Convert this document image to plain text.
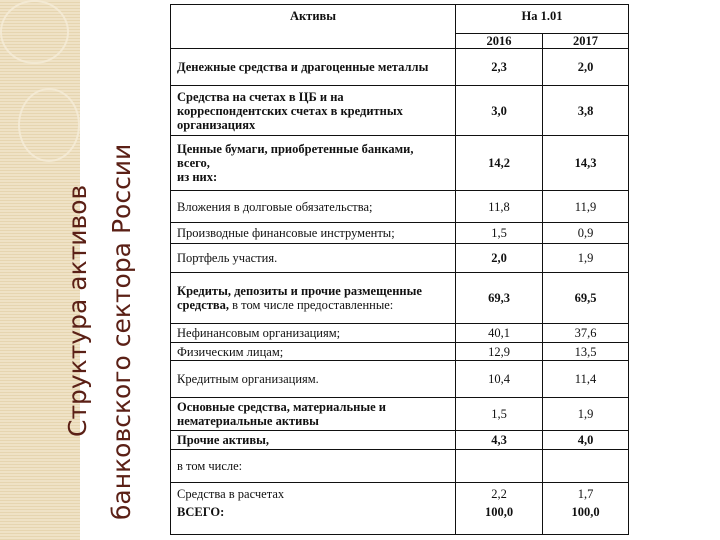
Структура активов банковского сектора России
Активы	На 1.01	
	2016	2017
Денежные средства и драгоценные металлы	2,3	2,0
Средства на счетах в ЦБ и на корреспондентских счетах в кредитных организациях	3,0	3,8
Ценные бумаги, приобретенные банками, всего,
из них:	14,2	14,3
Вложения в долговые обязательства;	11,8	11,9
Производные финансовые инструменты;	1,5	0,9
Портфель участия.	2,0	1,9
Кредиты, депозиты и прочие размещенные средства, в том числе предоставленные:	69,3	69,5
Нефинансовым организациям;	40,1	37,6
Физическим лицам;	12,9	13,5
Кредитным организациям.	10,4	11,4
Основные средства, материальные и нематериальные активы	1,5	1,9
Прочие активы,	4,3	4,0
в том числе:		
Средства в расчетах	2,2	1,7
ВСЕГО:	100,0	100,0
